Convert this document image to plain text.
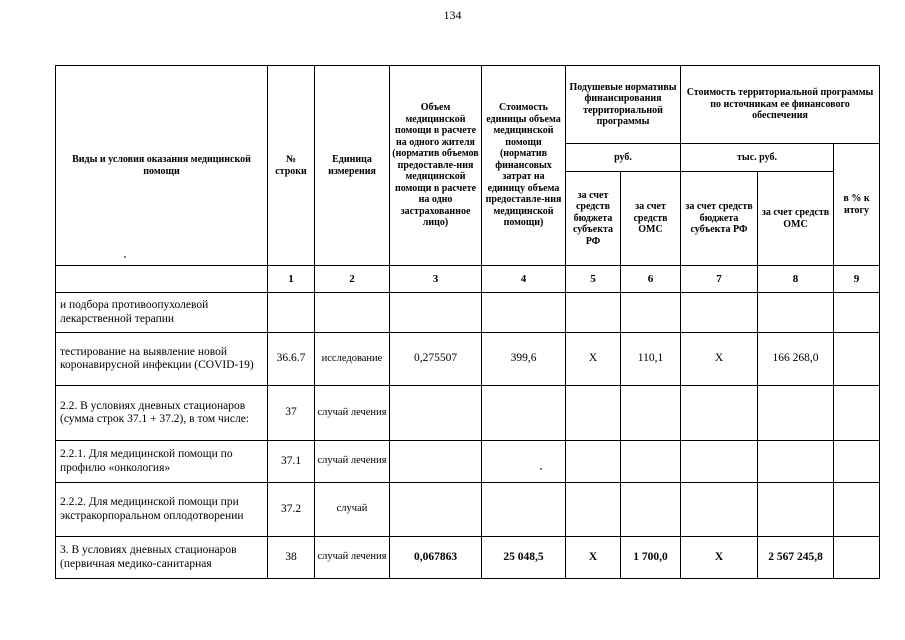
134
Виды и условия оказания медицинской помощи	№ строки	Единица измерения	Объем медицинской помощи в расчете на одного жителя (норматив объемов предоставле-ния медицинской помощи в расчете на одно застрахованное лицо)	Стоимость единицы объема медицинской помощи (норматив финансовых затрат на единицу объема предоставле-ния медицинской помощи)	Подушевые нормативы финансирования территориальной программы		Стоимость территориальной программы по источникам ее финансового обеспечения		
					руб.		тыс. руб.		в % к итогу
					за счет средств бюджета субъекта РФ	за счет средств ОМС	за счет средств бюджета субъекта РФ	за счет средств ОМС	
	1	2	3	4	5	6	7	8	9
и подбора противоопухолевой лекарственной терапии									
тестирование на выявление новой коронавирусной инфекции (COVID-19)	36.6.7	исследование	0,275507	399,6	X	110,1	X	166 268,0	
2.2. В условиях дневных стационаров (сумма строк 37.1 + 37.2), в том числе:	37	случай лечения							
2.2.1. Для медицинской помощи по профилю «онкология»	37.1	случай лечения							
2.2.2. Для медицинской помощи при экстракорпоральном оплодотворении	37.2	случай							
3. В условиях дневных стационаров (первичная медико-санитарная	38	случай лечения	0,067863	25 048,5	X	1 700,0	X	2 567 245,8	
